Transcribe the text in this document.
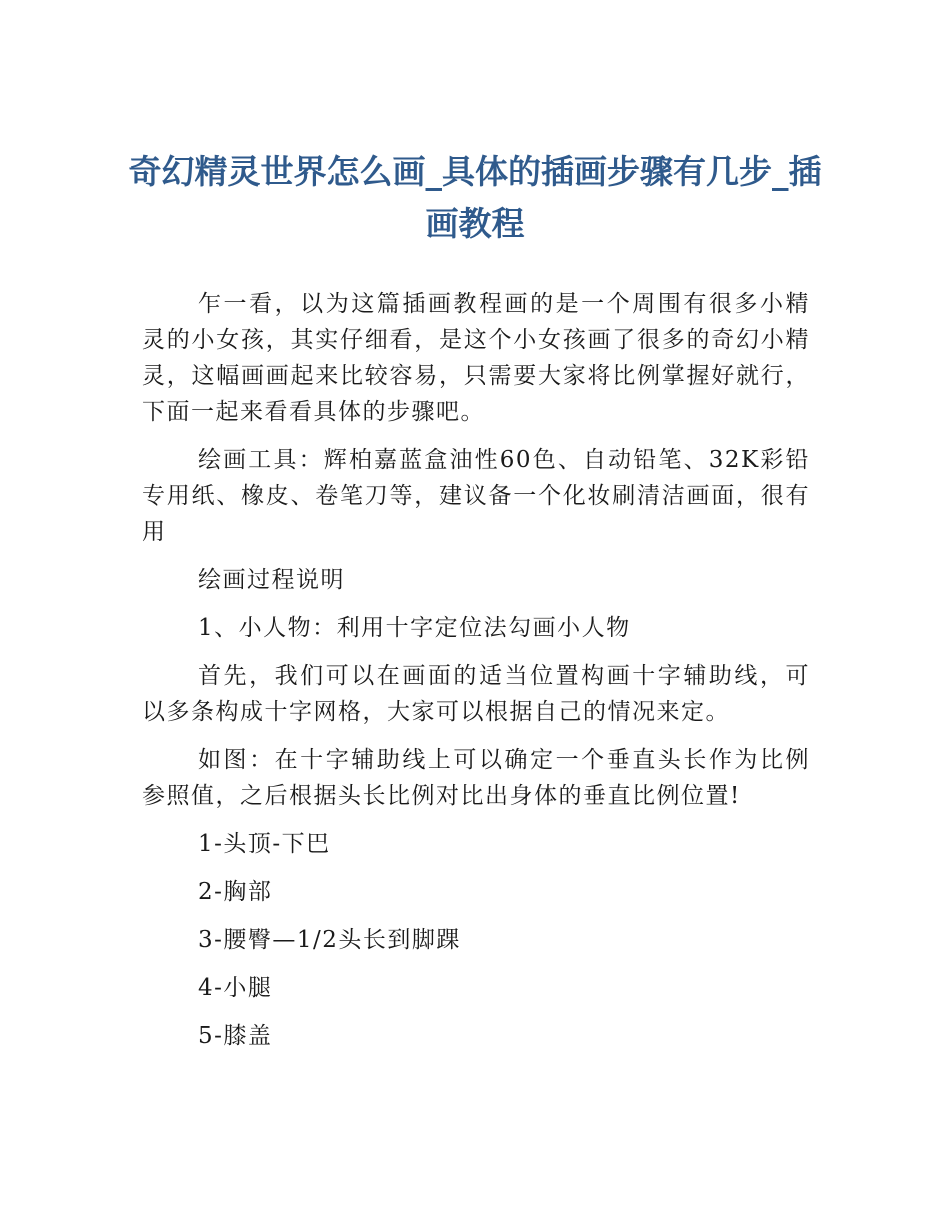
奇幻精灵世界怎么画_具体的插画步骤有几步_插画教程

乍一看，以为这篇插画教程画的是一个周围有很多小精灵的小女孩，其实仔细看，是这个小女孩画了很多的奇幻小精灵，这幅画画起来比较容易，只需要大家将比例掌握好就行，下面一起来看看具体的步骤吧。

绘画工具：辉柏嘉蓝盒油性60色、自动铅笔、32K彩铅专用纸、橡皮、卷笔刀等，建议备一个化妆刷清洁画面，很有用

绘画过程说明

1、小人物：利用十字定位法勾画小人物

首先，我们可以在画面的适当位置构画十字辅助线，可以多条构成十字网格，大家可以根据自己的情况来定。

如图：在十字辅助线上可以确定一个垂直头长作为比例参照值，之后根据头长比例对比出身体的垂直比例位置!

1-头顶-下巴

2-胸部

3-腰臀—1/2头长到脚踝

4-小腿

5-膝盖
